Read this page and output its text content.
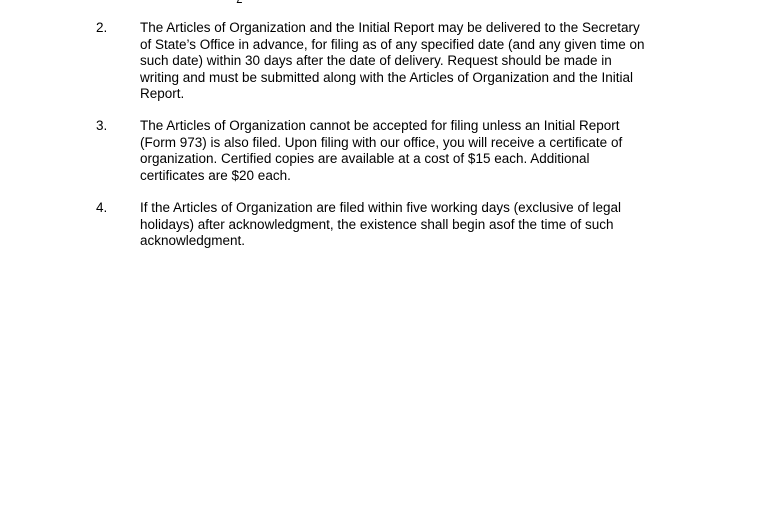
2. The Articles of Organization and the Initial Report may be delivered to the Secretary
of State’s Office in advance, for filing as of any specified date (and any given time on
such date) within 30 days after the date of delivery. Request should be made in
writing and must be submitted along with the Articles of Organization and the Initial
Report.
3. The Articles of Organization cannot be accepted for filing unless an Initial Report
(Form 973) is also filed. Upon filing with our office, you will receive a certificate of
organization. Certified copies are available at a cost of $15 each. Additional
certificates are $20 each.
4. If the Articles of Organization are filed within five working days (exclusive of legal
holidays) after acknowledgment, the existence shall begin asof the time of such
acknowledgment.
